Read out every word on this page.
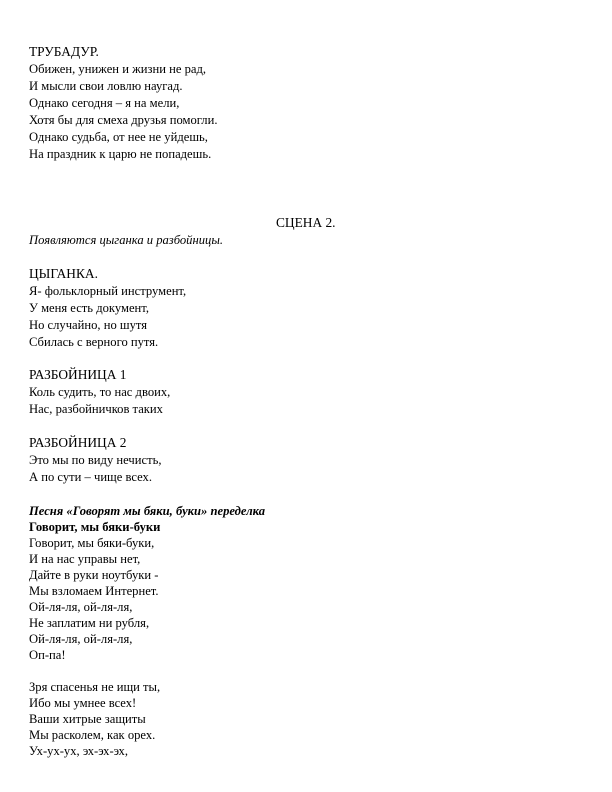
ТРУБАДУР.
Обижен, унижен и жизни не рад,
И мысли свои ловлю наугад.
Однако сегодня – я на мели,
Хотя бы для смеха друзья помогли.
Однако судьба, от нее не уйдешь,
На праздник к царю не попадешь.
СЦЕНА 2.
Появляются цыганка и разбойницы.
ЦЫГАНКА.
Я- фольклорный инструмент,
У меня есть документ,
Но случайно, но шутя
Сбилась с верного путя.
РАЗБОЙНИЦА 1
Коль судить, то нас двоих,
Нас, разбойничков таких
РАЗБОЙНИЦА 2
Это мы по виду нечисть,
А по сути – чище всех.
Песня «Говорят мы бяки, буки» переделка
Говорит, мы бяки-буки
Говорит, мы бяки-буки,
И на нас управы нет,
Дайте в руки ноутбуки -
Мы взломаем Интернет.
Ой-ля-ля, ой-ля-ля,
Не заплатим ни рубля,
Ой-ля-ля, ой-ля-ля,
Оп-па!
Зря спасенья не ищи ты,
Ибо мы умнее всех!
Ваши хитрые защиты
Мы расколем, как орех.
Ух-ух-ух, эх-эх-эх,
